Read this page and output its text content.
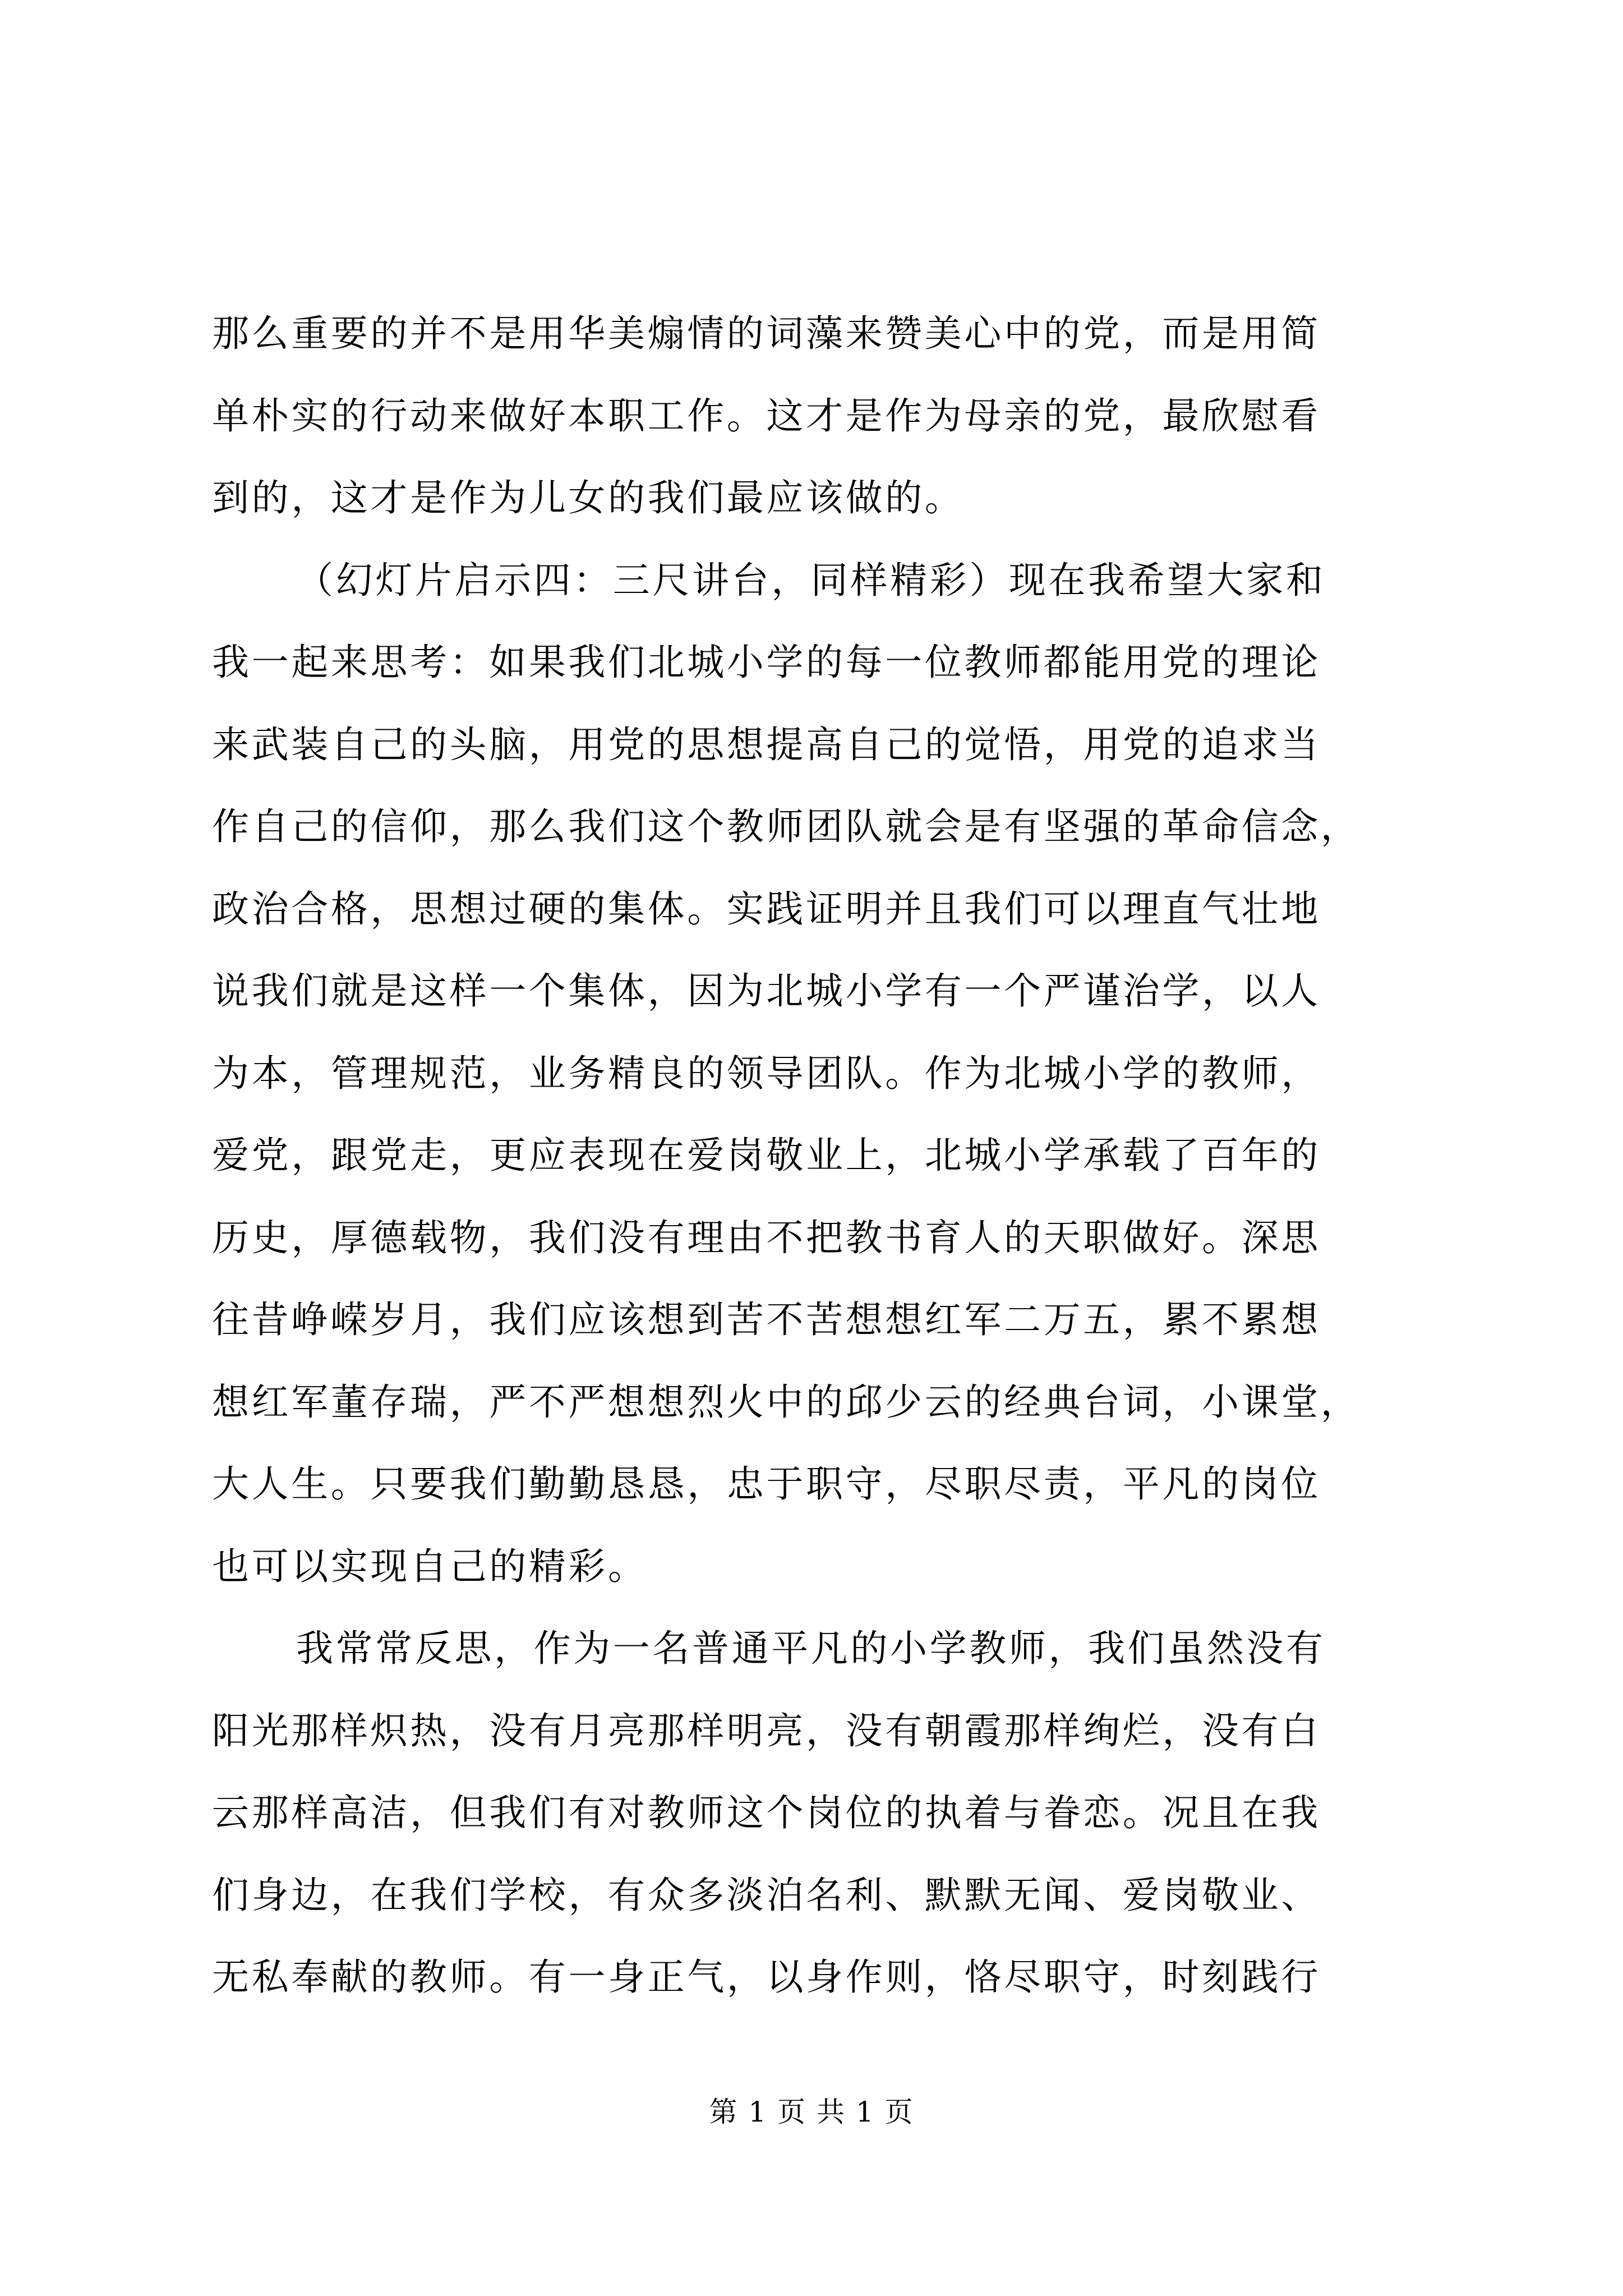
那么重要的并不是用华美煽情的词藻来赞美心中的党，而是用简
单朴实的行动来做好本职工作。这才是作为母亲的党，最欣慰看
到的，这才是作为儿女的我们最应该做的。
（幻灯片启示四：三尺讲台，同样精彩）现在我希望大家和
我一起来思考：如果我们北城小学的每一位教师都能用党的理论
来武装自己的头脑，用党的思想提高自己的觉悟，用党的追求当
作自己的信仰，那么我们这个教师团队就会是有坚强的革命信念，
政治合格，思想过硬的集体。实践证明并且我们可以理直气壮地
说我们就是这样一个集体，因为北城小学有一个严谨治学，以人
为本，管理规范，业务精良的领导团队。作为北城小学的教师，
爱党，跟党走，更应表现在爱岗敬业上，北城小学承载了百年的
历史，厚德载物，我们没有理由不把教书育人的天职做好。深思
往昔峥嵘岁月，我们应该想到苦不苦想想红军二万五，累不累想
想红军董存瑞，严不严想想烈火中的邱少云的经典台词，小课堂，
大人生。只要我们勤勤恳恳，忠于职守，尽职尽责，平凡的岗位
也可以实现自己的精彩。
我常常反思，作为一名普通平凡的小学教师，我们虽然没有
阳光那样炽热，没有月亮那样明亮，没有朝霞那样绚烂，没有白
云那样高洁，但我们有对教师这个岗位的执着与眷恋。况且在我
们身边，在我们学校，有众多淡泊名利、默默无闻、爱岗敬业、
无私奉献的教师。有一身正气，以身作则，恪尽职守，时刻践行
第 1 页 共 1 页
